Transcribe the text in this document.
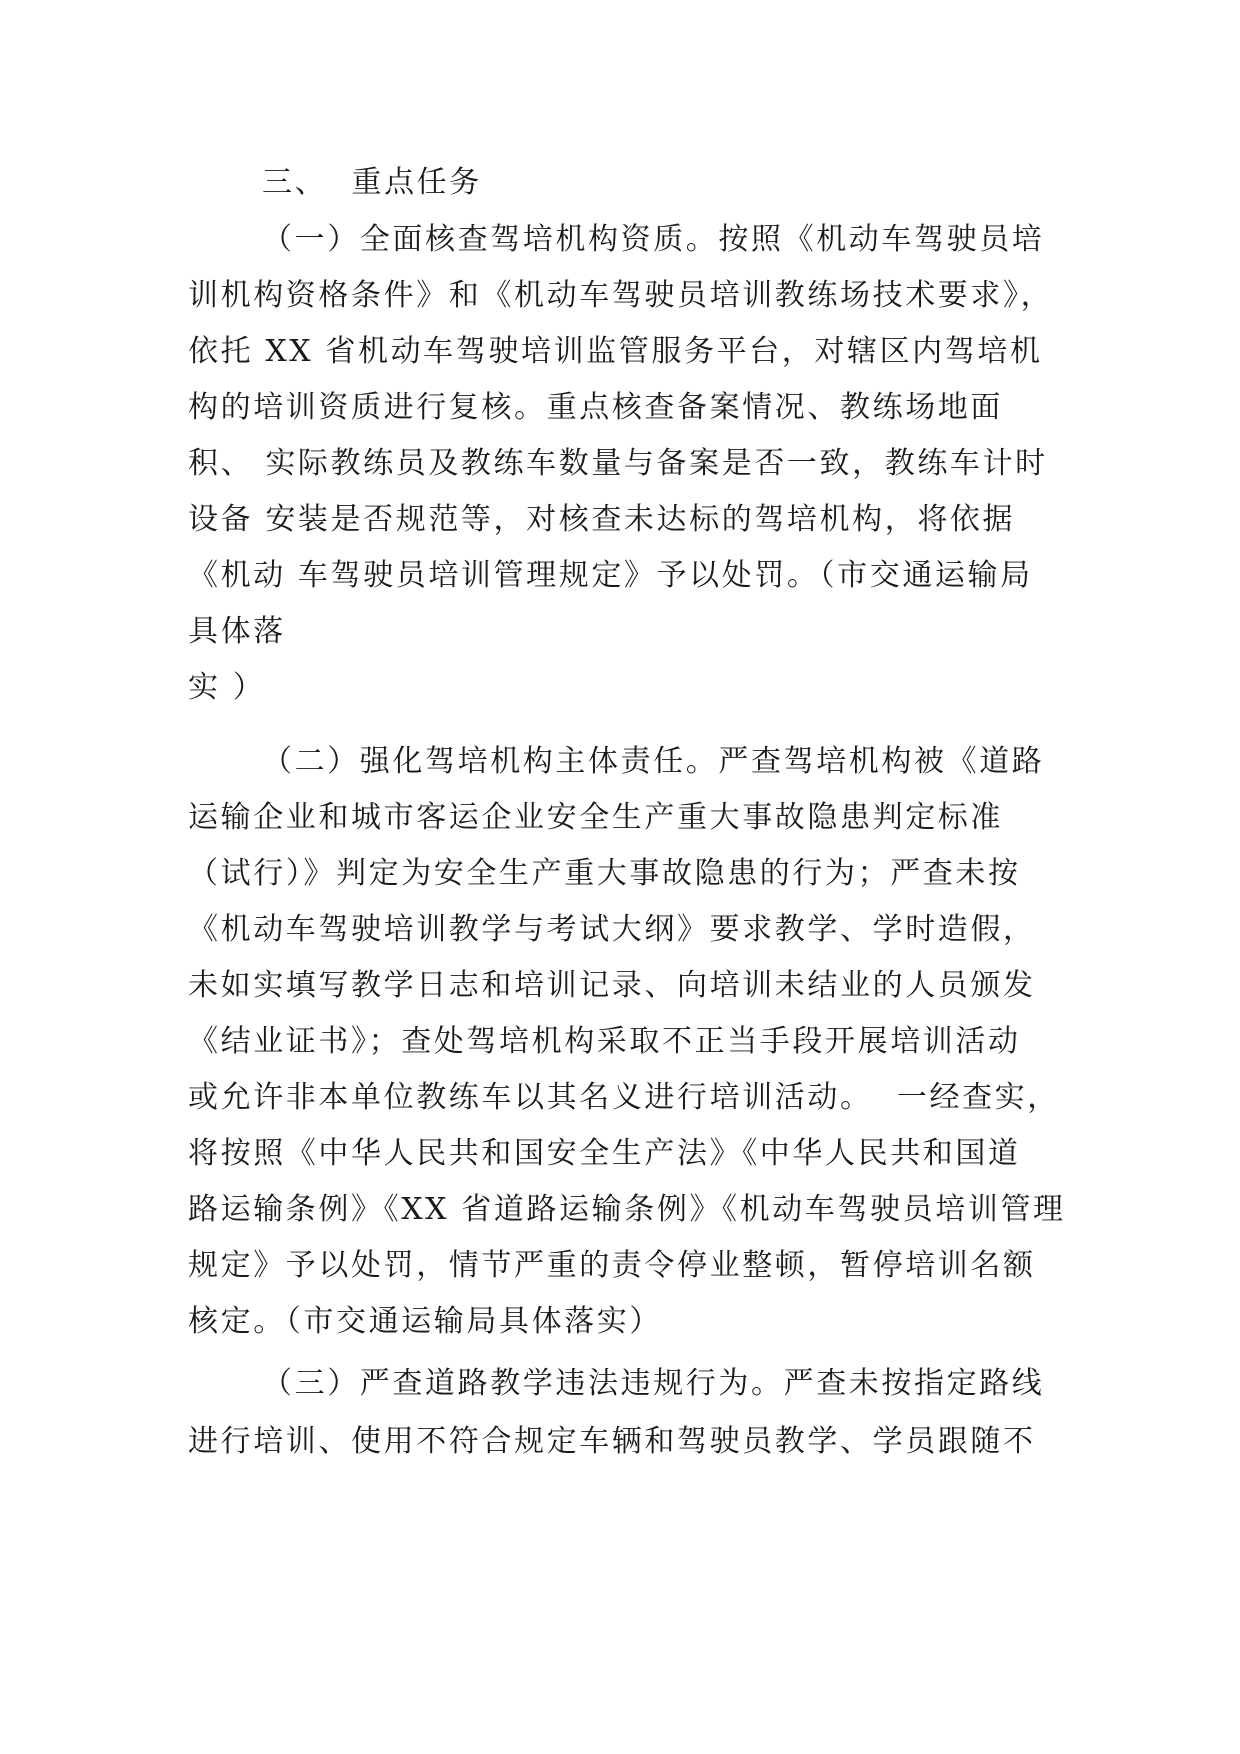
三、  重点任务
（一）全面核查驾培机构资质。按照《机动车驾驶员培
训机构资格条件》和《机动车驾驶员培训教练场技术要求》，
依托 XX 省机动车驾驶培训监管服务平台，对辖区内驾培机
构的培训资质进行复核。重点核查备案情况、教练场地面
积、 实际教练员及教练车数量与备案是否一致，教练车计时
设备 安装是否规范等，对核查未达标的驾培机构，将依据
《机动 车驾驶员培训管理规定》予以处罚。（市交通运输局
具体落
实 ）
（二）强化驾培机构主体责任。严查驾培机构被《道路
运输企业和城市客运企业安全生产重大事故隐患判定标准
（试行）》判定为安全生产重大事故隐患的行为；严查未按
《机动车驾驶培训教学与考试大纲》要求教学、学时造假，
未如实填写教学日志和培训记录、向培训未结业的人员颁发
《结业证书》；查处驾培机构采取不正当手段开展培训活动
或允许非本单位教练车以其名义进行培训活动。  一经查实，
将按照《中华人民共和国安全生产法》《中华人民共和国道
路运输条例》《XX 省道路运输条例》《机动车驾驶员培训管理
规定》予以处罚，情节严重的责令停业整顿，暂停培训名额
核定。（市交通运输局具体落实）
（三）严查道路教学违法违规行为。严查未按指定路线
进行培训、使用不符合规定车辆和驾驶员教学、学员跟随不
